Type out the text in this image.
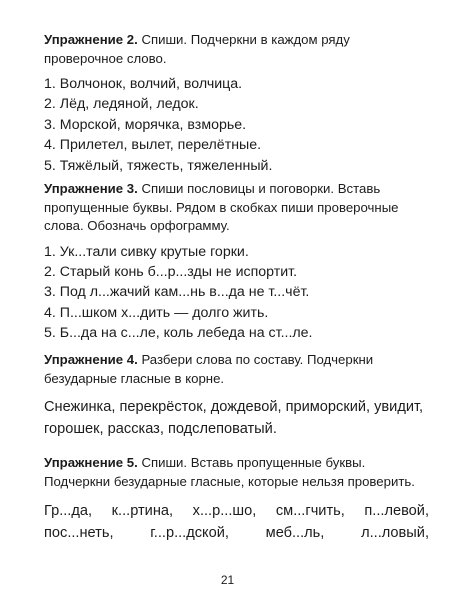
Упражнение 2. Спиши. Подчеркни в каждом ряду проверочное слово.

1. Волчонок, волчий, волчица.
2. Лёд, ледяной, ледок.
3. Морской, морячка, взморье.
4. Прилетел, вылет, перелётные.
5. Тяжёлый, тяжесть, тяжеленный.

Упражнение 3. Спиши пословицы и поговорки. Вставь пропущенные буквы. Рядом в скобках пиши проверочные слова. Обозначь орфограмму.

1. Ук...тали сивку крутые горки.
2. Старый конь б...р...зды не испортит.
3. Под л...жачий кам...нь в...да не т...чёт.
4. П...шком х...дить — долго жить.
5. Б...да на с...ле, коль лебеда на ст...ле.

Упражнение 4. Разбери слова по составу. Подчеркни безударные гласные в корне.

Снежинка, перекрёсток, дождевой, приморский, увидит, горошек, рассказ, подслеповатый.

Упражнение 5. Спиши. Вставь пропущенные буквы. Подчеркни безударные гласные, которые нельзя проверить.

Гр...да, к...ртина, х...р...шо, см...гчить, п...левой,
пос...неть, г...р...дской, меб...ль, л...ловый,
21
